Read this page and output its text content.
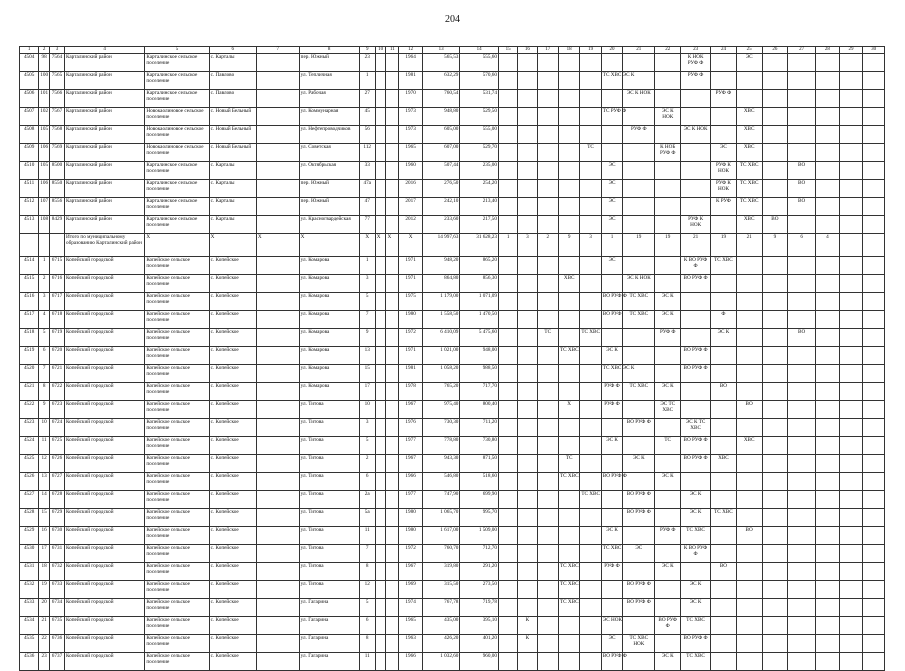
204
1	2	3	4	5	6	7	8	9	10	11	12	13	14	15	16	17	18	19	20	21	22	23	24	25	26	27	28	29	30
4504	98	7564	Карталинский район	Карталинское сельское поселение	с. Карталы		пер. Южный	23			1964	565,53	555,60									К НОК РУФ Ф		ЭС					
4505	100	7565	Карталинский район	Карталинское сельское поселение	с. Павлово		ул. Тепличная	1			1981	632,29	570,60						ТС ХВС ЭС К			РУФ Ф							
4506	101	7566	Карталинский район	Карталинское сельское поселение	с. Павлово		ул. Рабочая	27			1970	760,54	531,74							ЭС К НОК			РУФ Ф						
4507	102	7567	Карталинский район	Новокаолиновое сельское поселение	с. Новый Бельный		ул. Коммунарная	45			1973	948,80	529,50						ТС РУФ Ф		ЭС К НОК			ХВС					
4508	105	7568	Карталинский район	Новокаолиновое сельское поселение	с. Новый Бельный		ул. Нефтепроводчиков	56			1973	605,00	555,00							РУФ Ф		ЭС К НОК		ХВС					
4509	106	7569	Карталинский район	Новокаолиновое сельское поселение	с. Новый Бельный		ул. Советская	112			1965	607,00	529,70					ТС			К НОБ РУФ Ф		ЭС	ХВС					
4510	105	8500	Карталинский район	Карталинское сельское поселение	с. Карталы		ул. Октябрьская	33			1960	507,44	235,00						ЭС				РУФ К НОК	ТС ХВС		ВО			
4511	106	8550	Карталинский район	Карталинское сельское поселение	с. Карталы		пер. Южный	47а			2016	276,50	254,20						ЭС				РУФ К НОК	ТС ХВС		ВО			
4512	107	8556	Карталинский район	Карталинское сельское поселение	с. Карталы		пер. Южный	47			2017	242,10	213,40						ЭС				К РУФ	ТС ХВС		ВО			
4513	108	8429	Карталинский район	Карталинское сельское поселение	с. Карталы		ул. Красногвардейская	77			2012	233,60	217,50						ЭС			РУФ К НОК		ХВС	ВО				
			Итого по муниципальному образованию Карталинский район	X	X	X	X	X	X	X	X	14 997,63	31 628,23	1	3	2	9	3	1	19	19	21	19	21	9	6	4		
4514	1	6715	Копейский городской	Копейское сельское поселение	с. Копейское		ул. Комарова	1			1971	948,20	865,20						ЭС			К ВО РУФ Ф	ТС ХВС						
4515	2	6716	Копейский городской	Копейское сельское поселение	с. Копейское		ул. Комарова	3			1971	864,80	856,30				ХВС			ЭС К НОК		ВО РУФ Ф							
4516	3	6717	Копейский городской	Копейское сельское поселение	с. Копейское		ул. Комарова	5			1975	1 179,00	1 071,09						ВО РУФ Ф	ТС ХВС	ЭС К								
4517	4	6718	Копейский городской	Копейское сельское поселение	с. Копейское		ул. Комарова	7			1980	1 558,50	1 470,50						ВО РУФ	ТС ХВС	ЭС К		Ф						
4518	5	6719	Копейский городской	Копейское сельское поселение	с. Копейское		ул. Комарова	9			1972	6 410,09	5 475,60			ТС		ТС ХВС			РУФ Ф		ЭС К			ВО			
4519	6	6720	Копейский городской	Копейское сельское поселение	с. Копейское		ул. Комарова	13			1971	1 021,00	948,00				ТС ХВС		ЭС К			ВО РУФ Ф							
4520	7	6721	Копейский городской	Копейское сельское поселение	с. Копейское		ул. Комарова	15			1981	1 058,20	988,50						ТС ХВС ЭС К			ВО РУФ Ф							
4521	8	6722	Копейский городской	Копейское сельское поселение	с. Копейское		ул. Комарова	17			1978	765,20	717,70						РУФ Ф	ТС ХВС	ЭС К		ВО						
4522	9	6723	Копейский городской	Копейское сельское поселение	с. Копейское		ул. Титова	10			1967	975,40	800,40				Х		РУФ Ф		ЭС ТС ХВС			ВО					
4523	10	6724	Копейский городской	Копейское сельское поселение	с. Копейское		ул. Титова	3			1976	730,30	711,20							ВО РУФ Ф		ЭС К ТС ХВС							
4524	11	6725	Копейский городской	Копейское сельское поселение	с. Копейское		ул. Титова	5			1977	778,80	730,80						ЭС К		ТС	ВО РУФ Ф		ХВС					
4525	12	6726	Копейский городской	Копейское сельское поселение	с. Копейское		ул. Титова	2			1967	943,30	871,50				ТС			ЭС К		ВО РУФ Ф	ХВС						
4526	13	6727	Копейский городской	Копейское сельское поселение	с. Копейское		ул. Титова	6			1966	546,80	518,60				ТС ХВС		ВО РУФ Ф		ЭС К								
4527	14	6728	Копейский городской	Копейское сельское поселение	с. Копейское		ул. Титова	2а			1977	747,90	699,90					ТС ХВС		ВО РУФ Ф		ЭС К							
4528	15	6729	Копейский городской	Копейское сельское поселение	с. Копейское		ул. Титова	5а			1980	1 065,70	995,70							ВО РУФ Ф		ЭС К	ТС ХВС						
4529	16	6730	Копейский городской	Копейское сельское поселение	с. Копейское		ул. Титова	11			1980	1 617,00	1 509,00						ЭС К		РУФ Ф	ТС ХВС		ВО					
4530	17	6731	Копейский городской	Копейское сельское поселение	с. Копейское		ул. Титова	7			1972	760,70	712,70						ТС ХВС	ЭС		К ВО РУФ Ф							
4531	18	6732	Копейский городской	Копейское сельское поселение	с. Копейское		ул. Титова	8			1967	319,80	291,20				ТС ХВС		РУФ Ф		ЭС К		ВО						
4532	19	6733	Копейский городской	Копейское сельское поселение	с. Копейское		ул. Титова	12			1969	315,50	273,50				ТС ХВС			ВО РУФ Ф		ЭС К							
4533	20	6734	Копейский городской	Копейское сельское поселение	с. Копейское		ул. Гагарина	5			1974	767,78	719,78				ТС ХВС			ВО РУФ Ф		ЭС К							
4534	21	6735	Копейский городской	Копейское сельское поселение	с. Копейское		ул. Гагарина	6			1965	435,00	395,10		К				ЭС НОК		ВО РУФ Ф	ТС ХВС							
4535	22	6736	Копейский городской	Копейское сельское поселение	с. Копейское		ул. Гагарина	8			1963	426,20	401,20		К				ЭС	ТС ХВС НОК		ВО РУФ Ф							
4536	23	6737	Копейский городской	Копейское сельское поселение	с. Копейское		ул. Гагарина	11			1966	1 032,60	960,00						ВО РУФ Ф		ЭС К	ТС ХВС							
